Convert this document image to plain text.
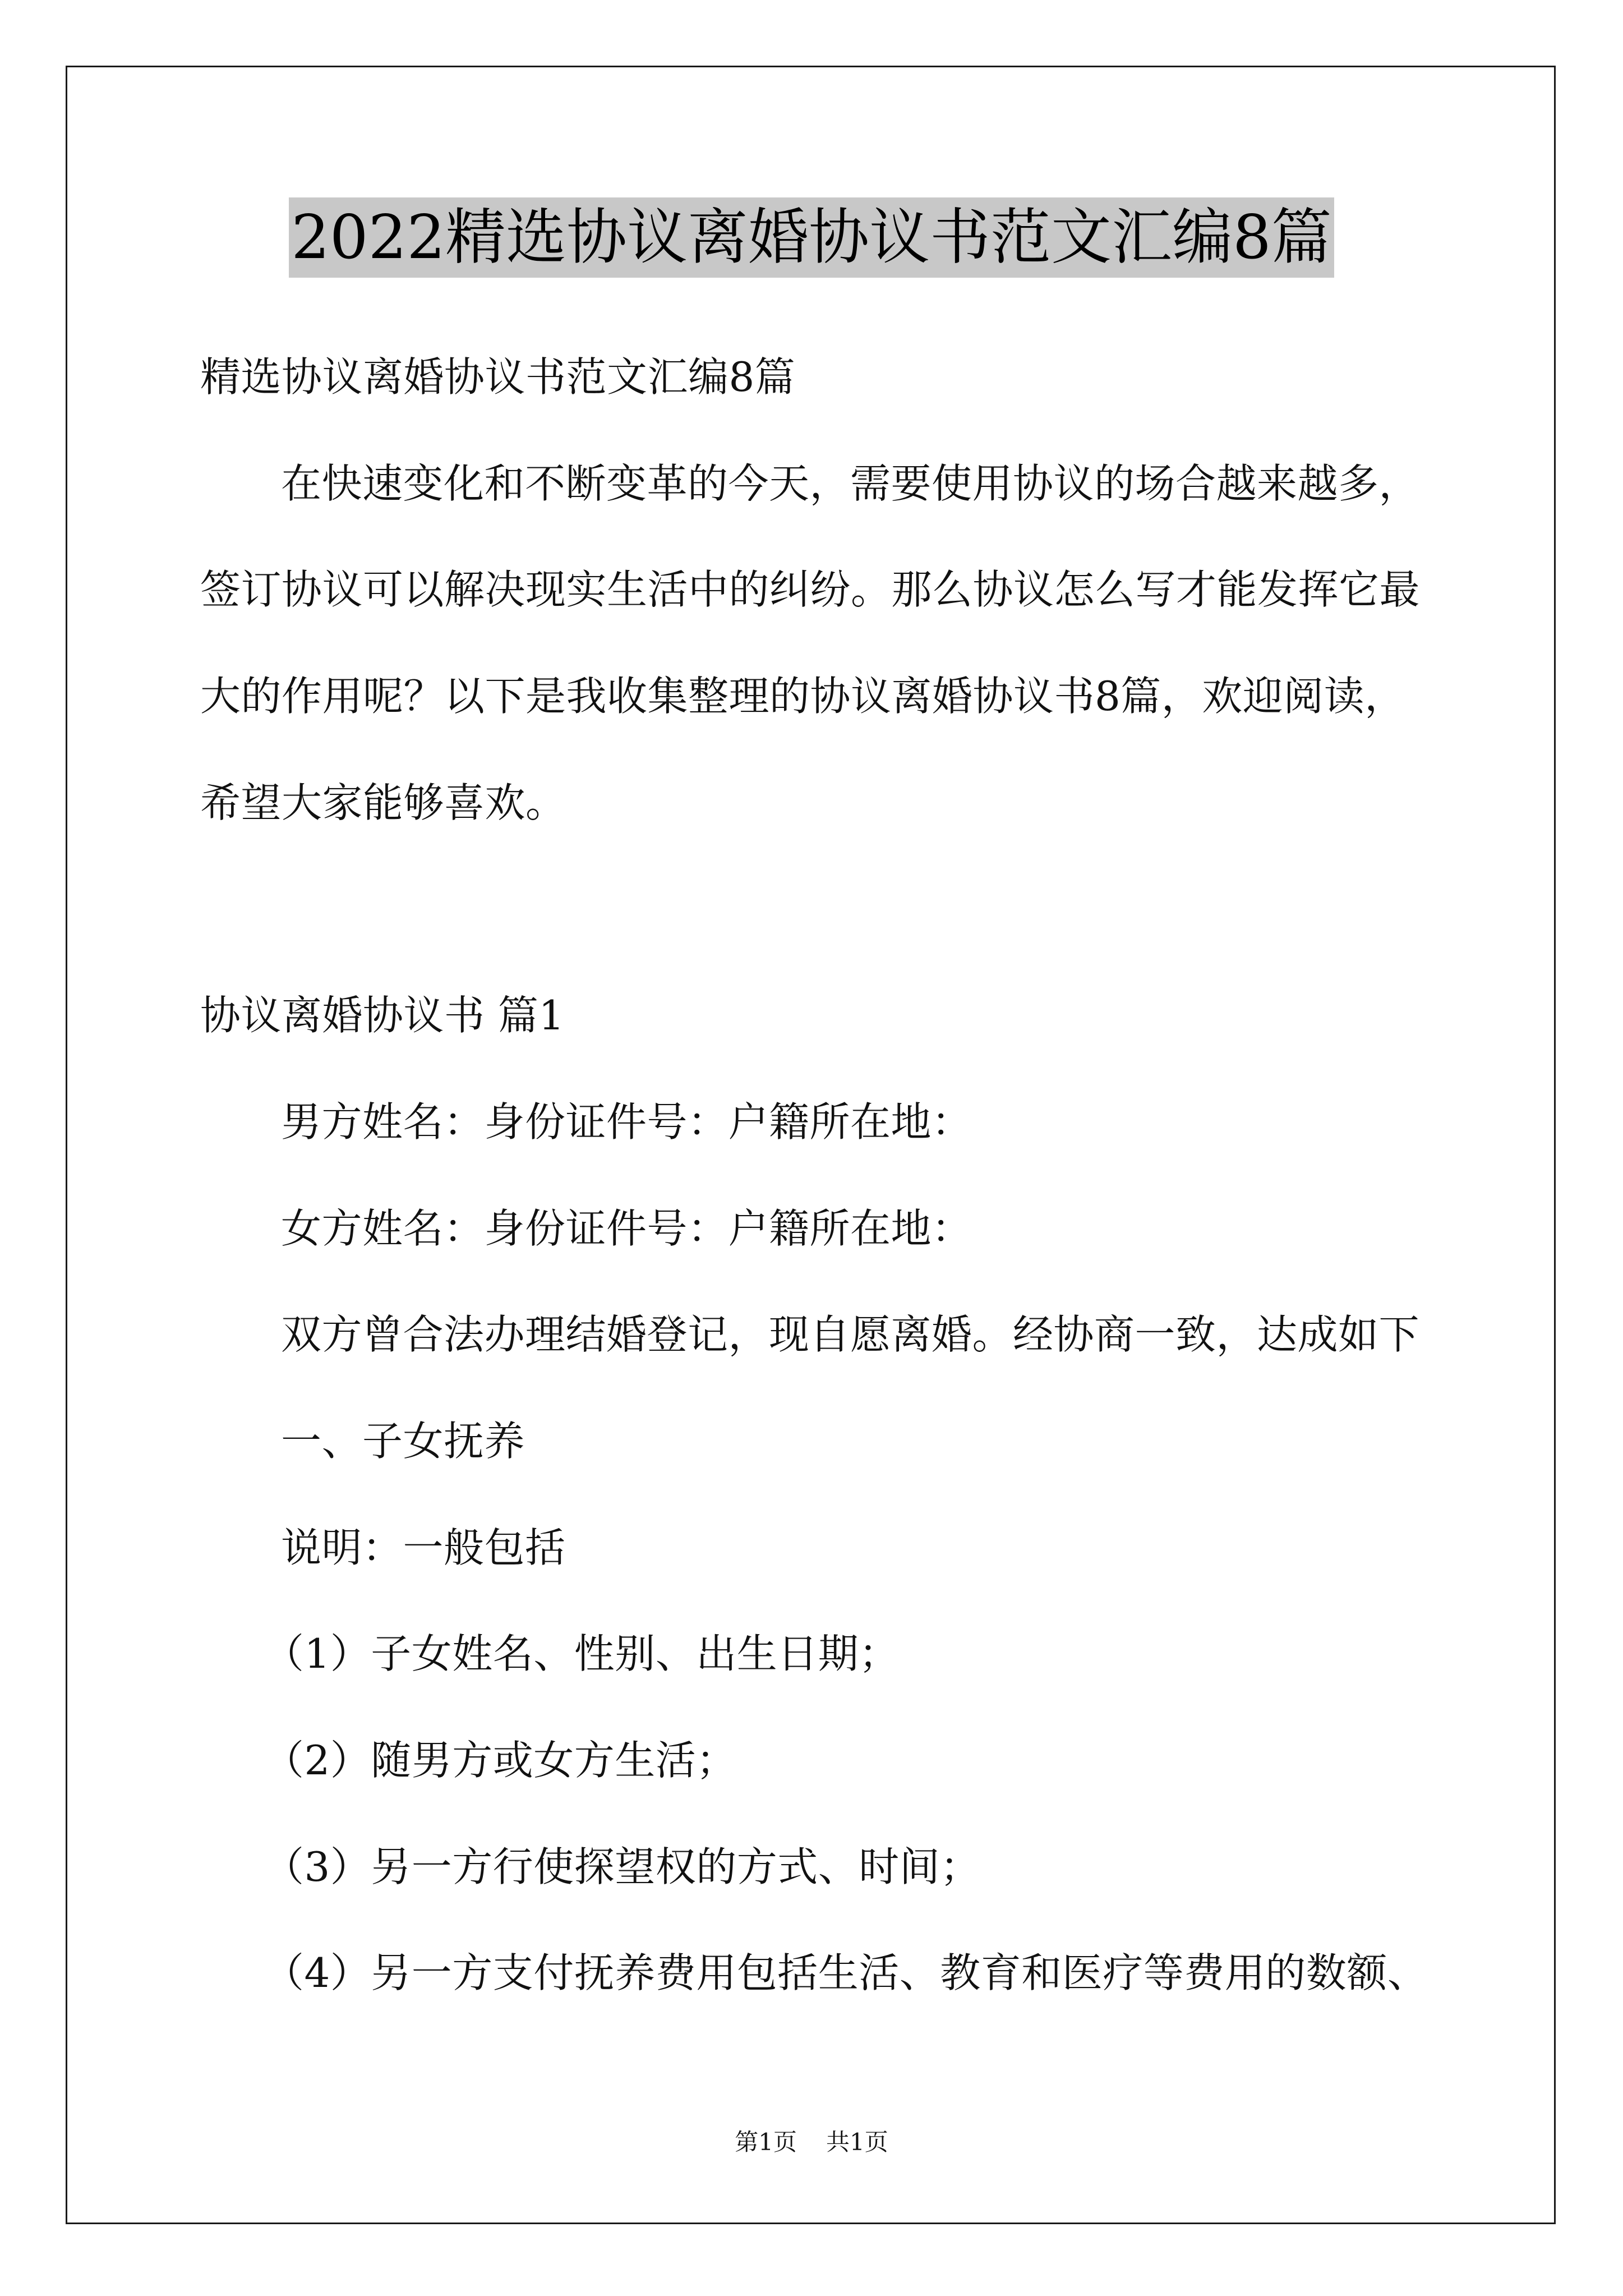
2022精选协议离婚协议书范文汇编8篇
精选协议离婚协议书范文汇编8篇
在快速变化和不断变革的今天，需要使用协议的场合越来越多，
签订协议可以解决现实生活中的纠纷。那么协议怎么写才能发挥它最
大的作用呢？以下是我收集整理的协议离婚协议书8篇，欢迎阅读，
希望大家能够喜欢。
协议离婚协议书 篇1
男方姓名：身份证件号：户籍所在地：
女方姓名：身份证件号：户籍所在地：
双方曾合法办理结婚登记，现自愿离婚。经协商一致，达成如下
一、子女抚养
说明：一般包括
（1）子女姓名、性别、出生日期；
（2）随男方或女方生活；
（3）另一方行使探望权的方式、时间；
（4）另一方支付抚养费用包括生活、教育和医疗等费用的数额、
第1页 共1页
